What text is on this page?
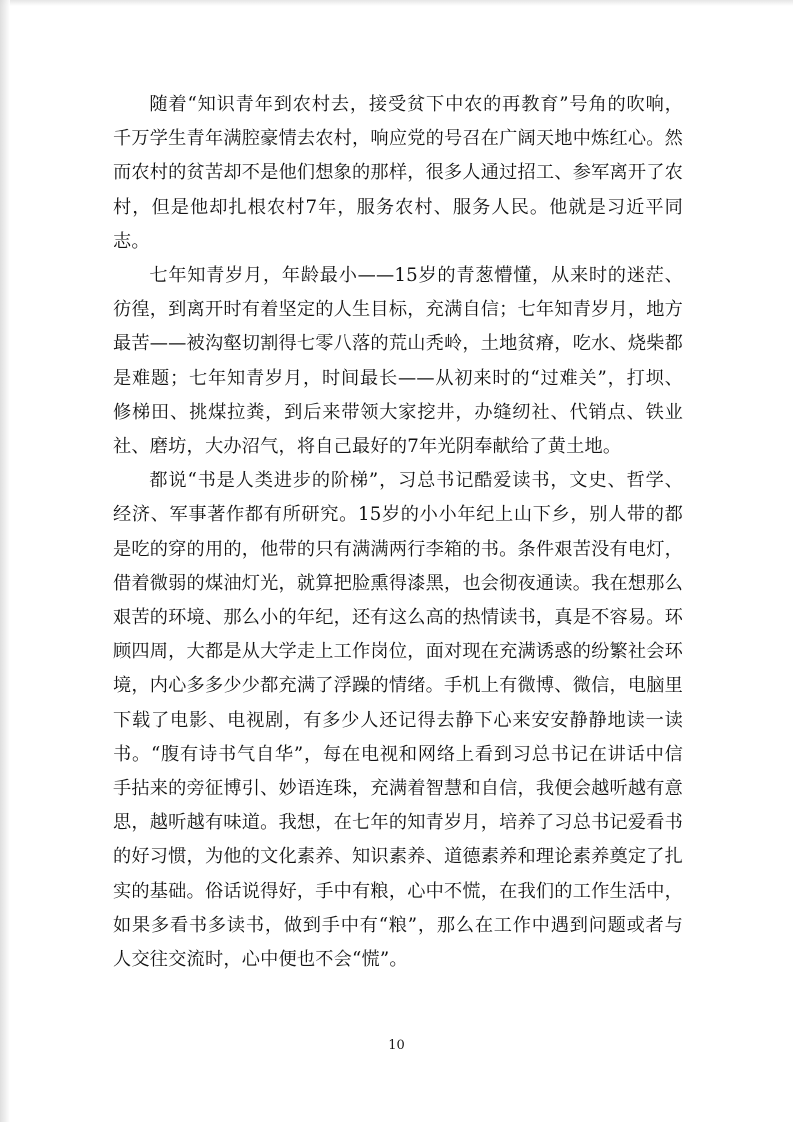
随着“知识青年到农村去，接受贫下中农的再教育”号角的吹响，千万学生青年满腔豪情去农村，响应党的号召在广阔天地中炼红心。然而农村的贫苦却不是他们想象的那样，很多人通过招工、参军离开了农村，但是他却扎根农村7年，服务农村、服务人民。他就是习近平同志。

七年知青岁月，年龄最小——15岁的青葱懵懂，从来时的迷茫、彷徨，到离开时有着坚定的人生目标，充满自信；七年知青岁月，地方最苦——被沟壑切割得七零八落的荒山秃岭，土地贫瘠，吃水、烧柴都是难题；七年知青岁月，时间最长——从初来时的“过难关”，打坝、修梯田、挑煤拉粪，到后来带领大家挖井，办缝纫社、代销点、铁业社、磨坊，大办沼气，将自己最好的7年光阴奉献给了黄土地。

都说“书是人类进步的阶梯”，习总书记酷爱读书，文史、哲学、经济、军事著作都有所研究。15岁的小小年纪上山下乡，别人带的都是吃的穿的用的，他带的只有满满两行李箱的书。条件艰苦没有电灯，借着微弱的煤油灯光，就算把脸熏得漆黑，也会彻夜通读。我在想那么艰苦的环境、那么小的年纪，还有这么高的热情读书，真是不容易。环顾四周，大都是从大学走上工作岗位，面对现在充满诱惑的纷繁社会环境，内心多多少少都充满了浮躁的情绪。手机上有微博、微信，电脑里下载了电影、电视剧，有多少人还记得去静下心来安安静静地读一读书。“腹有诗书气自华”，每在电视和网络上看到习总书记在讲话中信手拈来的旁征博引、妙语连珠，充满着智慧和自信，我便会越听越有意思，越听越有味道。我想，在七年的知青岁月，培养了习总书记爱看书的好习惯，为他的文化素养、知识素养、道德素养和理论素养奠定了扎实的基础。俗话说得好，手中有粮，心中不慌，在我们的工作生活中，如果多看书多读书，做到手中有“粮”，那么在工作中遇到问题或者与人交往交流时，心中便也不会“慌”。

10
